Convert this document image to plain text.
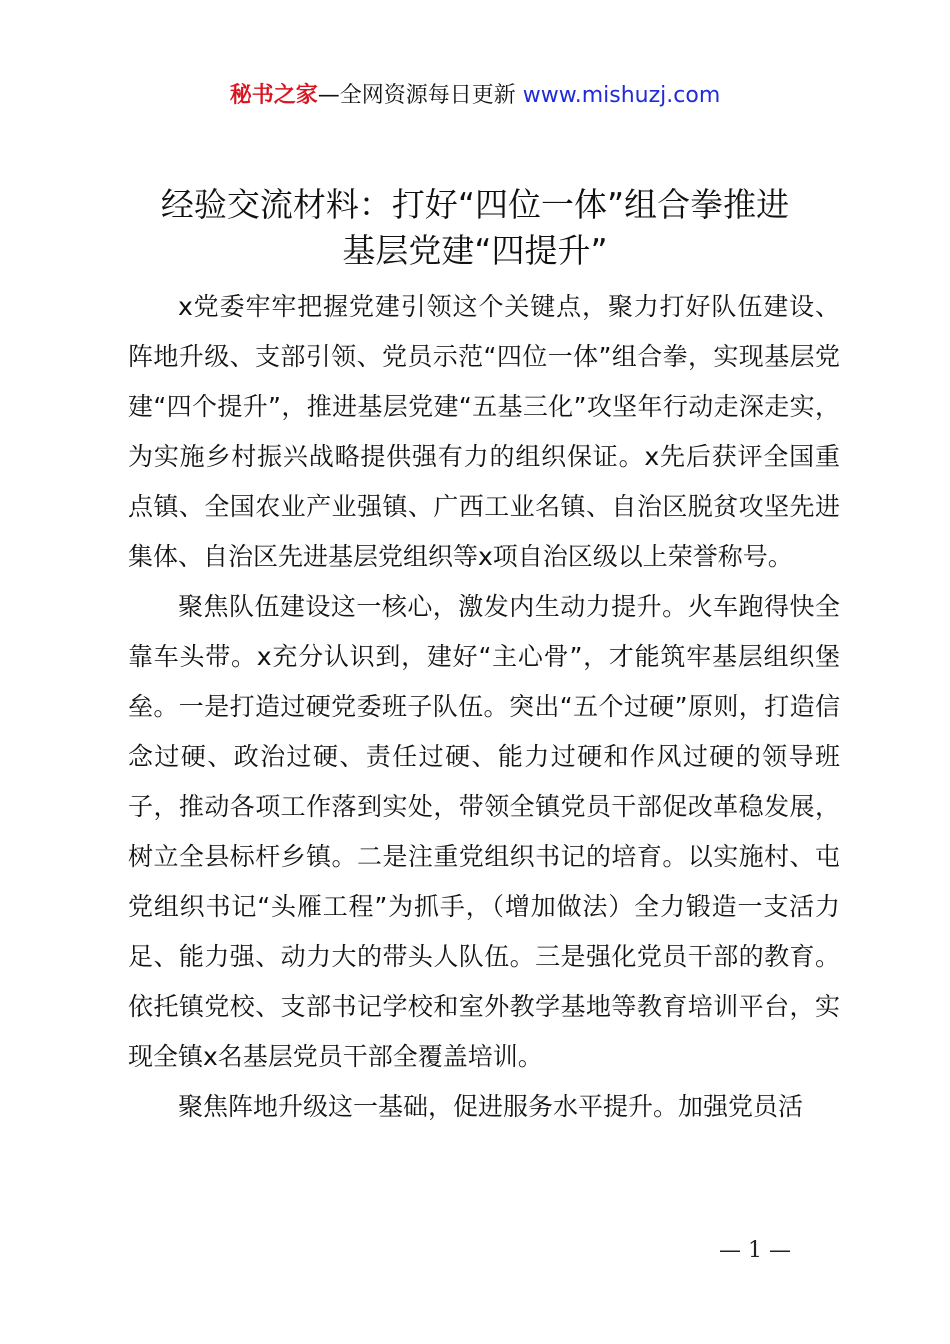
秘书之家—全网资源每日更新 www.mishuzj.com
经验交流材料：打好“四位一体”组合拳推进
基层党建“四提升”

x党委牢牢把握党建引领这个关键点，聚力打好队伍建设、阵地升级、支部引领、党员示范“四位一体”组合拳，实现基层党建“四个提升”，推进基层党建“五基三化”攻坚年行动走深走实，为实施乡村振兴战略提供强有力的组织保证。x先后获评全国重点镇、全国农业产业强镇、广西工业名镇、自治区脱贫攻坚先进集体、自治区先进基层党组织等x项自治区级以上荣誉称号。

聚焦队伍建设这一核心，激发内生动力提升。火车跑得快全靠车头带。x充分认识到，建好“主心骨”，才能筑牢基层组织堡垒。一是打造过硬党委班子队伍。突出“五个过硬”原则，打造信念过硬、政治过硬、责任过硬、能力过硬和作风过硬的领导班子，推动各项工作落到实处，带领全镇党员干部促改革稳发展，树立全县标杆乡镇。二是注重党组织书记的培育。以实施村、屯党组织书记“头雁工程”为抓手，（增加做法）全力锻造一支活力足、能力强、动力大的带头人队伍。三是强化党员干部的教育。依托镇党校、支部书记学校和室外教学基地等教育培训平台，实现全镇x名基层党员干部全覆盖培训。

聚焦阵地升级这一基础，促进服务水平提升。加强党员活

— 1 —
